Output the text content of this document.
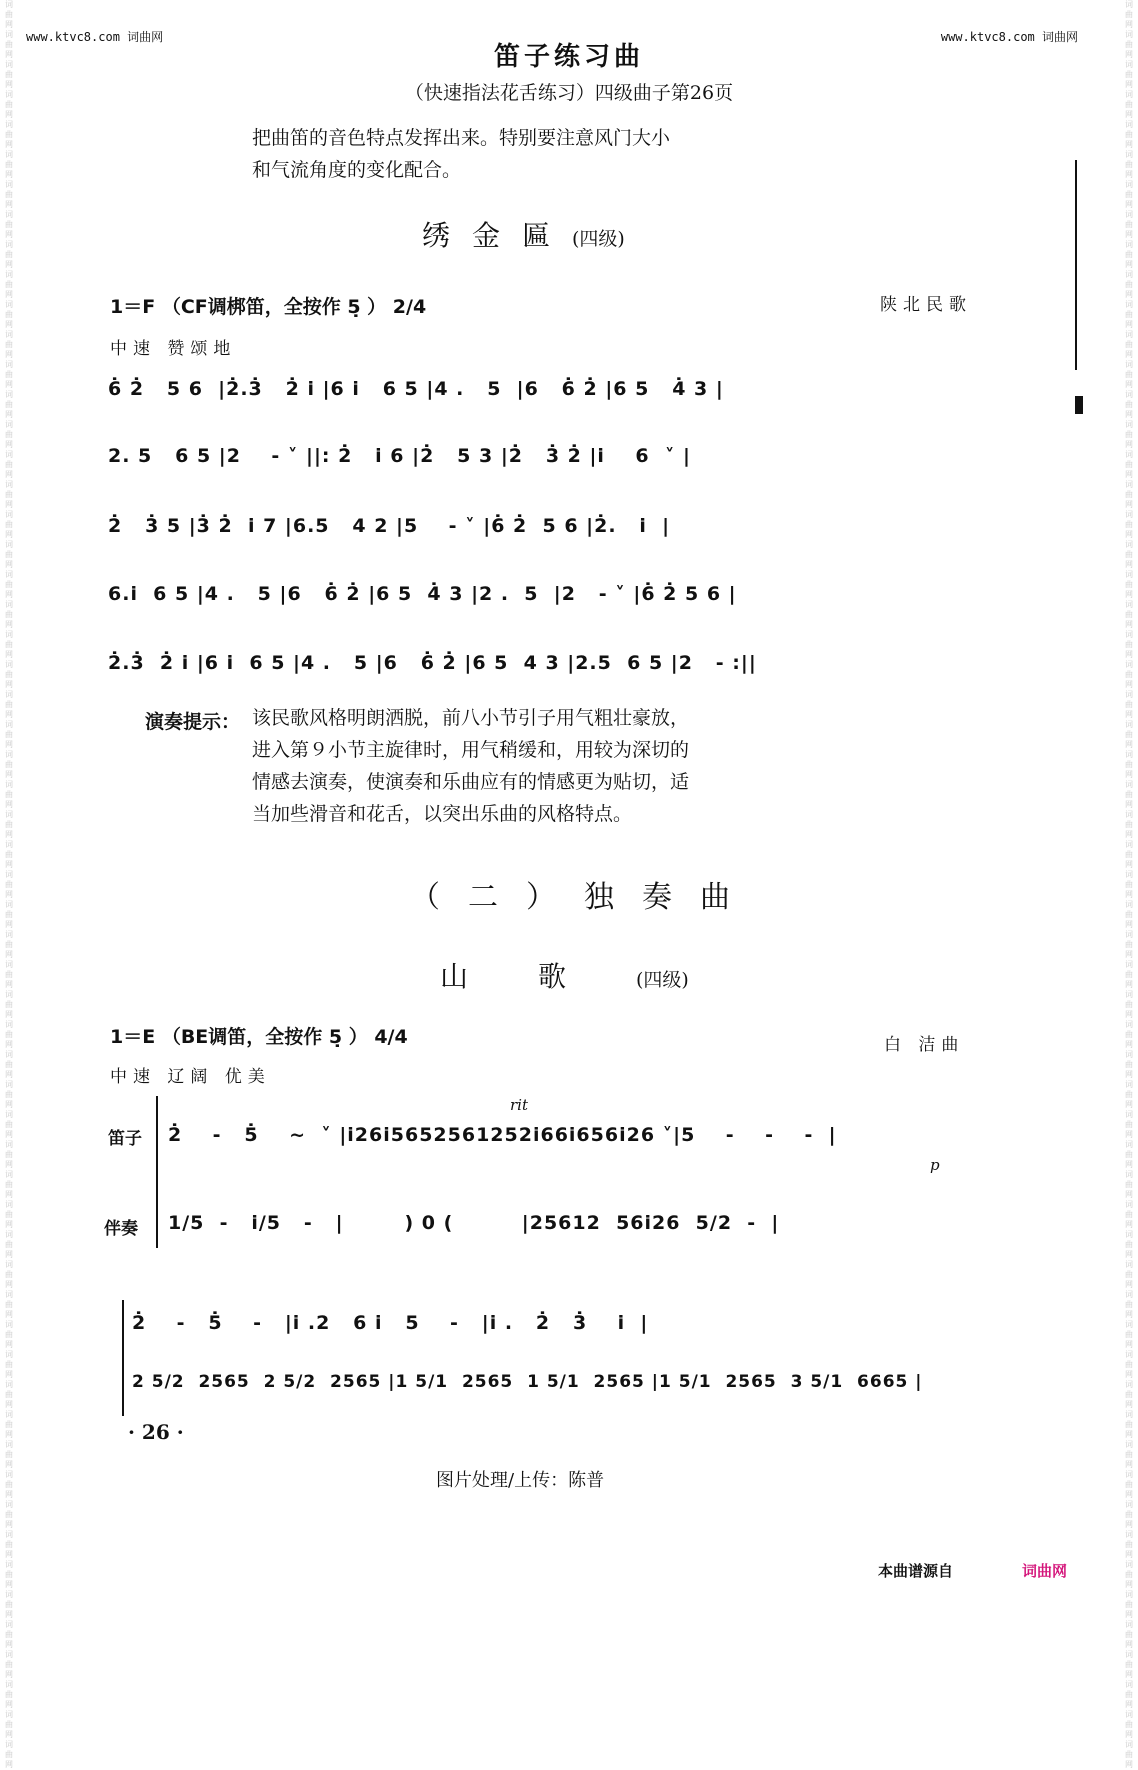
词曲网词曲网词曲网词曲网词曲网词曲网词曲网词曲网词曲网词曲网词曲网词曲网词曲网词曲网词曲网词曲网词曲网词曲网词曲网词曲网词曲网词曲网词曲网词曲网词曲网词曲网词曲网词曲网词曲网词曲网词曲网词曲网词曲网词曲网词曲网词曲网词曲网词曲网词曲网词曲网词曲网词曲网词曲网词曲网词曲网词曲网词曲网词曲网词曲网词曲网词曲网词曲网词曲网词曲网词曲网词曲网词曲网词曲网词曲网
词曲网词曲网词曲网词曲网词曲网词曲网词曲网词曲网词曲网词曲网词曲网词曲网词曲网词曲网词曲网词曲网词曲网词曲网词曲网词曲网词曲网词曲网词曲网词曲网词曲网词曲网词曲网词曲网词曲网词曲网词曲网词曲网词曲网词曲网词曲网词曲网词曲网词曲网词曲网词曲网词曲网词曲网词曲网词曲网词曲网词曲网词曲网词曲网词曲网词曲网词曲网词曲网词曲网词曲网词曲网词曲网词曲网词曲网词曲网
www.ktvc8.com 词曲网	www.ktvc8.com 词曲网
笛子练习曲
（快速指法花舌练习）四级曲子第26页
把曲笛的音色特点发挥出来。特别要注意风门大小
和气流角度的变化配合。
绣金匾(四级)
1＝F （CF调梆笛，全按作 5̣ ） 2/4	陕北民歌
中速 赞颂地
6̇ 2̇   5 6  |2̇.3̇   2̇ i |6 i   6 5 |4 .   5  |6   6̇ 2̇ |6 5   4̇ 3 |
2. 5   6 5 |2    - ˅ ||: 2̇   i 6 |2̇   5 3 |2̇   3̇ 2̇ |i    6  ˅ |
2̇   3̇ 5 |3̇ 2̇  i 7 |6.5   4 2 |5    - ˅ |6̇ 2̇  5 6 |2̇.   i  |
6.i  6 5 |4 .   5 |6   6̇ 2̇ |6 5  4̇ 3 |2 .  5  |2   - ˅ |6̇ 2̇ 5 6 |
2̇.3̇  2̇ i |6 i  6 5 |4 .   5 |6   6̇ 2̇ |6 5  4 3 |2.5  6 5 |2   - :||
演奏提示： 该民歌风格明朗洒脱，前八小节引子用气粗壮豪放，
进入第９小节主旋律时，用气稍缓和，用较为深切的
情感去演奏，使演奏和乐曲应有的情感更为贴切，适
当加些滑音和花舌，以突出乐曲的风格特点。
（二）独奏曲
山歌(四级)
1＝E （BE调笛，全按作 5̣ ） 4/4	白 洁曲
中速 辽阔 优美
笛子
伴奏
rit
p
2̇    -   5̇    ~  ˅ |i26i5652561252i66i656i26 ˅|5    -    -    -  |
1/5  -   i/5   -   |        ) 0 (         |25612  56i26  5/2  -  |
2̇    -   5̇    -   |i .2   6 i   5    -   |i .   2̇   3̇    i  |
2 5/2  2565  2 5/2  2565 |1 5/1  2565  1 5/1  2565 |1 5/1  2565  3 5/1  6665 |
· 26 ·
图片处理/上传：陈普
本曲谱源自	词曲网
